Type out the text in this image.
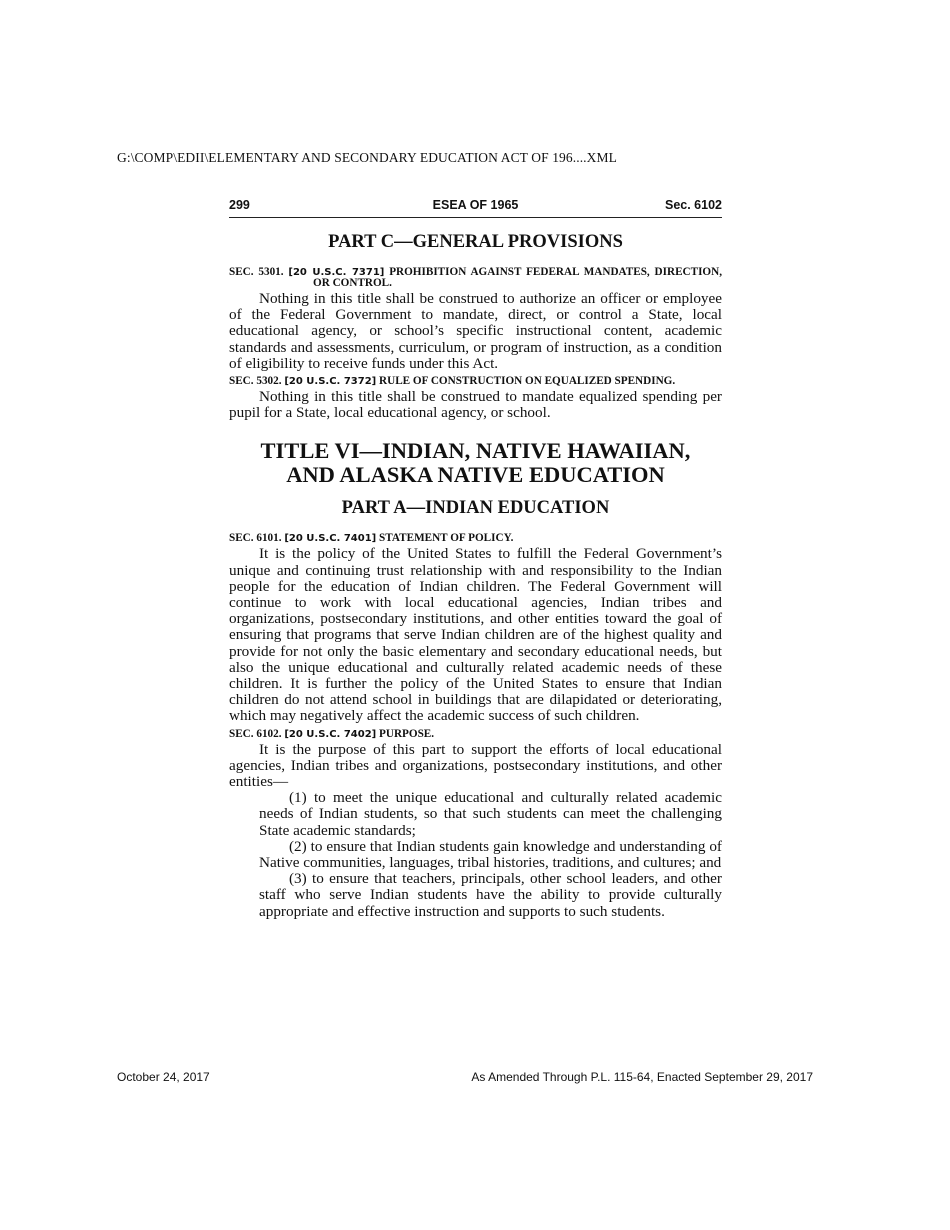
G:\COMP\EDII\ELEMENTARY AND SECONDARY EDUCATION ACT OF 196....XML
299	ESEA OF 1965	Sec. 6102
PART C—GENERAL PROVISIONS
SEC. 5301. [20 U.S.C. 7371] PROHIBITION AGAINST FEDERAL MANDATES, DIRECTION, OR CONTROL.

Nothing in this title shall be construed to authorize an officer or employee of the Federal Government to mandate, direct, or control a State, local educational agency, or school’s specific instructional content, academic standards and assessments, curriculum, or program of instruction, as a condition of eligibility to receive funds under this Act.

SEC. 5302. [20 U.S.C. 7372] RULE OF CONSTRUCTION ON EQUALIZED SPENDING.

Nothing in this title shall be construed to mandate equalized spending per pupil for a State, local educational agency, or school.

TITLE VI—INDIAN, NATIVE HAWAIIAN,
AND ALASKA NATIVE EDUCATION
PART A—INDIAN EDUCATION
SEC. 6101. [20 U.S.C. 7401] STATEMENT OF POLICY.

It is the policy of the United States to fulfill the Federal Government’s unique and continuing trust relationship with and responsibility to the Indian people for the education of Indian children. The Federal Government will continue to work with local educational agencies, Indian tribes and organizations, postsecondary institutions, and other entities toward the goal of ensuring that programs that serve Indian children are of the highest quality and provide for not only the basic elementary and secondary educational needs, but also the unique educational and culturally related academic needs of these children. It is further the policy of the United States to ensure that Indian children do not attend school in buildings that are dilapidated or deteriorating, which may negatively affect the academic success of such children.

SEC. 6102. [20 U.S.C. 7402] PURPOSE.

It is the purpose of this part to support the efforts of local educational agencies, Indian tribes and organizations, postsecondary institutions, and other entities—

(1) to meet the unique educational and culturally related academic needs of Indian students, so that such students can meet the challenging State academic standards;

(2) to ensure that Indian students gain knowledge and understanding of Native communities, languages, tribal histories, traditions, and cultures; and

(3) to ensure that teachers, principals, other school leaders, and other staff who serve Indian students have the ability to provide culturally appropriate and effective instruction and supports to such students.

October 24, 2017	As Amended Through P.L. 115-64, Enacted September 29, 2017
